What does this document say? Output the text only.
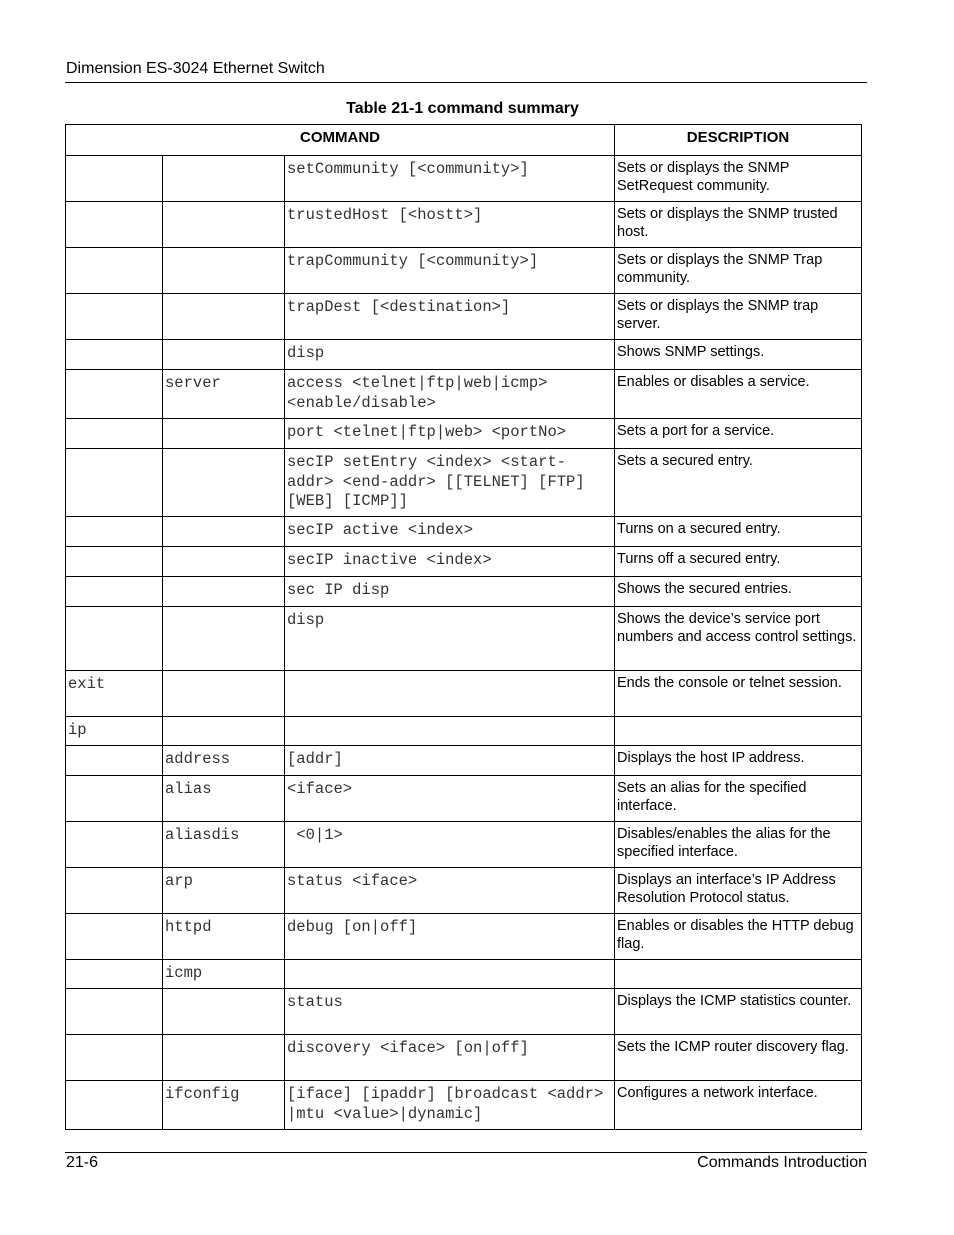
Dimension ES-3024 Ethernet Switch
Table 21-1 command summary
COMMAND			DESCRIPTION
		setCommunity [<community>]	Sets or displays the SNMP SetRequest community.
		trustedHost [<hostt>]	Sets or displays the SNMP trusted host.
		trapCommunity [<community>]	Sets or displays the SNMP Trap community.
		trapDest [<destination>]	Sets or displays the SNMP trap server.
		disp	Shows SNMP settings.
	server	access <telnet|ftp|web|icmp> <enable/disable>	Enables or disables a service.
		port <telnet|ftp|web> <portNo>	Sets a port for a service.
		secIP setEntry <index> <start-addr> <end-addr> [[TELNET] [FTP] [WEB] [ICMP]]	Sets a secured entry.
		secIP active <index>	Turns on a secured entry.
		secIP inactive <index>	Turns off a secured entry.
		sec IP disp	Shows the secured entries.
		disp	Shows the device’s service port numbers and access control settings.
exit			Ends the console or telnet session.
ip			
	address	[addr]	Displays the host IP address.
	alias	<iface>	Sets an alias for the specified interface.
	aliasdis	<0|1>	Disables/enables the alias for the specified interface.
	arp	status <iface>	Displays an interface’s IP Address Resolution Protocol status.
	httpd	debug [on|off]	Enables or disables the HTTP debug flag.
	icmp		
		status	Displays the ICMP statistics counter.
		discovery <iface> [on|off]	Sets the ICMP router discovery flag.
	ifconfig	[iface] [ipaddr] [broadcast <addr> |mtu <value>|dynamic]	Configures a network interface.
21-6	Commands Introduction
